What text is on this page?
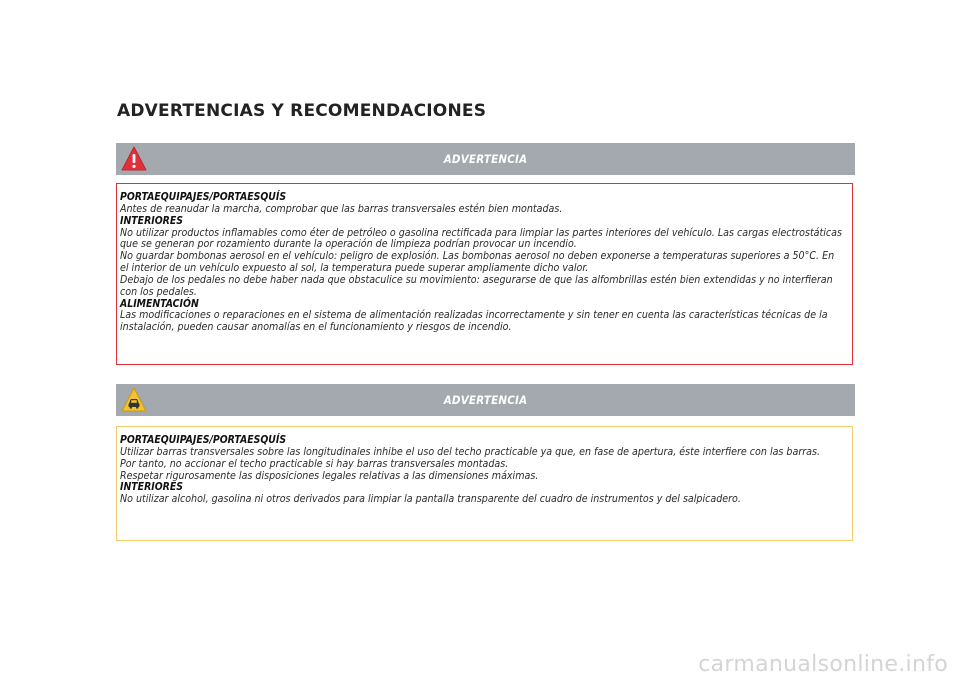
ADVERTENCIAS Y RECOMENDACIONES
ADVERTENCIA
PORTAEQUIPAJES/PORTAESQUÍS
Antes de reanudar la marcha, comprobar que las barras transversales estén bien montadas.
INTERIORES
No utilizar productos inflamables como éter de petróleo o gasolina rectificada para limpiar las partes interiores del vehículo. Las cargas electrostáticas que se generan por rozamiento durante la operación de limpieza podrían provocar un incendio.
No guardar bombonas aerosol en el vehículo: peligro de explosión. Las bombonas aerosol no deben exponerse a temperaturas superiores a 50°C. En el interior de un vehículo expuesto al sol, la temperatura puede superar ampliamente dicho valor.
Debajo de los pedales no debe haber nada que obstaculice su movimiento: asegurarse de que las alfombrillas estén bien extendidas y no interfieran con los pedales.
ALIMENTACIÓN
Las modificaciones o reparaciones en el sistema de alimentación realizadas incorrectamente y sin tener en cuenta las características técnicas de la instalación, pueden causar anomalías en el funcionamiento y riesgos de incendio.
ADVERTENCIA
PORTAEQUIPAJES/PORTAESQUÍS
Utilizar barras transversales sobre las longitudinales inhibe el uso del techo practicable ya que, en fase de apertura, éste interfiere con las barras.
Por tanto, no accionar el techo practicable si hay barras transversales montadas.
Respetar rigurosamente las disposiciones legales relativas a las dimensiones máximas.
INTERIORES
No utilizar alcohol, gasolina ni otros derivados para limpiar la pantalla transparente del cuadro de instrumentos y del salpicadero.
carmanualsonline.info
